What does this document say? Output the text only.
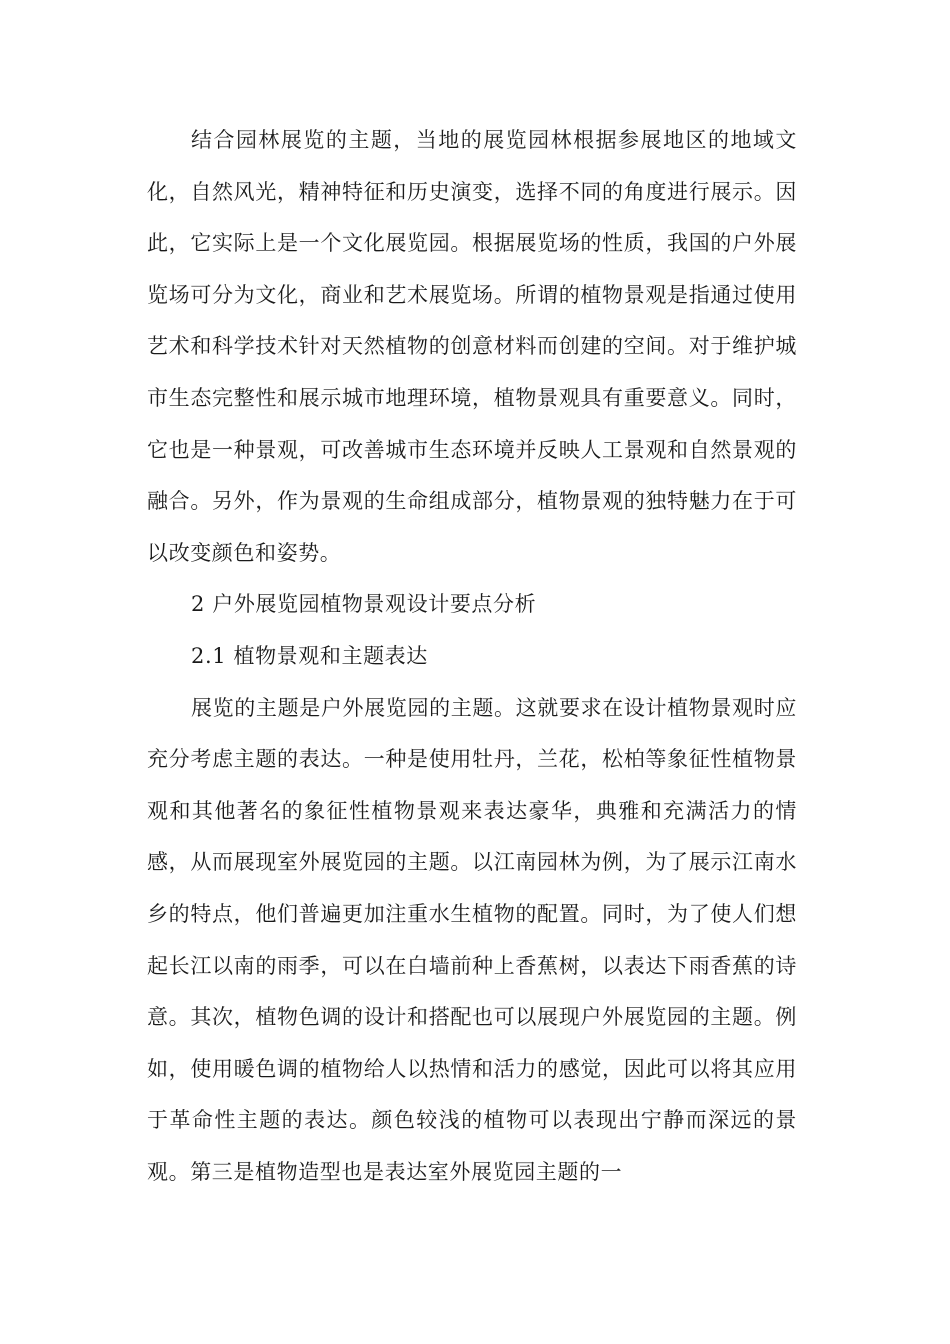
结合园林展览的主题，当地的展览园林根据参展地区的地域文化，自然风光，精神特征和历史演变，选择不同的角度进行展示。因此，它实际上是一个文化展览园。根据展览场的性质，我国的户外展览场可分为文化，商业和艺术展览场。所谓的植物景观是指通过使用艺术和科学技术针对天然植物的创意材料而创建的空间。对于维护城市生态完整性和展示城市地理环境，植物景观具有重要意义。同时，它也是一种景观，可改善城市生态环境并反映人工景观和自然景观的融合。另外，作为景观的生命组成部分，植物景观的独特魅力在于可以改变颜色和姿势。

2 户外展览园植物景观设计要点分析

2.1 植物景观和主题表达

展览的主题是户外展览园的主题。这就要求在设计植物景观时应充分考虑主题的表达。一种是使用牡丹，兰花，松柏等象征性植物景观和其他著名的象征性植物景观来表达豪华，典雅和充满活力的情感，从而展现室外展览园的主题。以江南园林为例，为了展示江南水乡的特点，他们普遍更加注重水生植物的配置。同时，为了使人们想起长江以南的雨季，可以在白墙前种上香蕉树，以表达下雨香蕉的诗意。其次，植物色调的设计和搭配也可以展现户外展览园的主题。例如，使用暖色调的植物给人以热情和活力的感觉，因此可以将其应用于革命性主题的表达。颜色较浅的植物可以表现出宁静而深远的景观。第三是植物造型也是表达室外展览园主题的一
